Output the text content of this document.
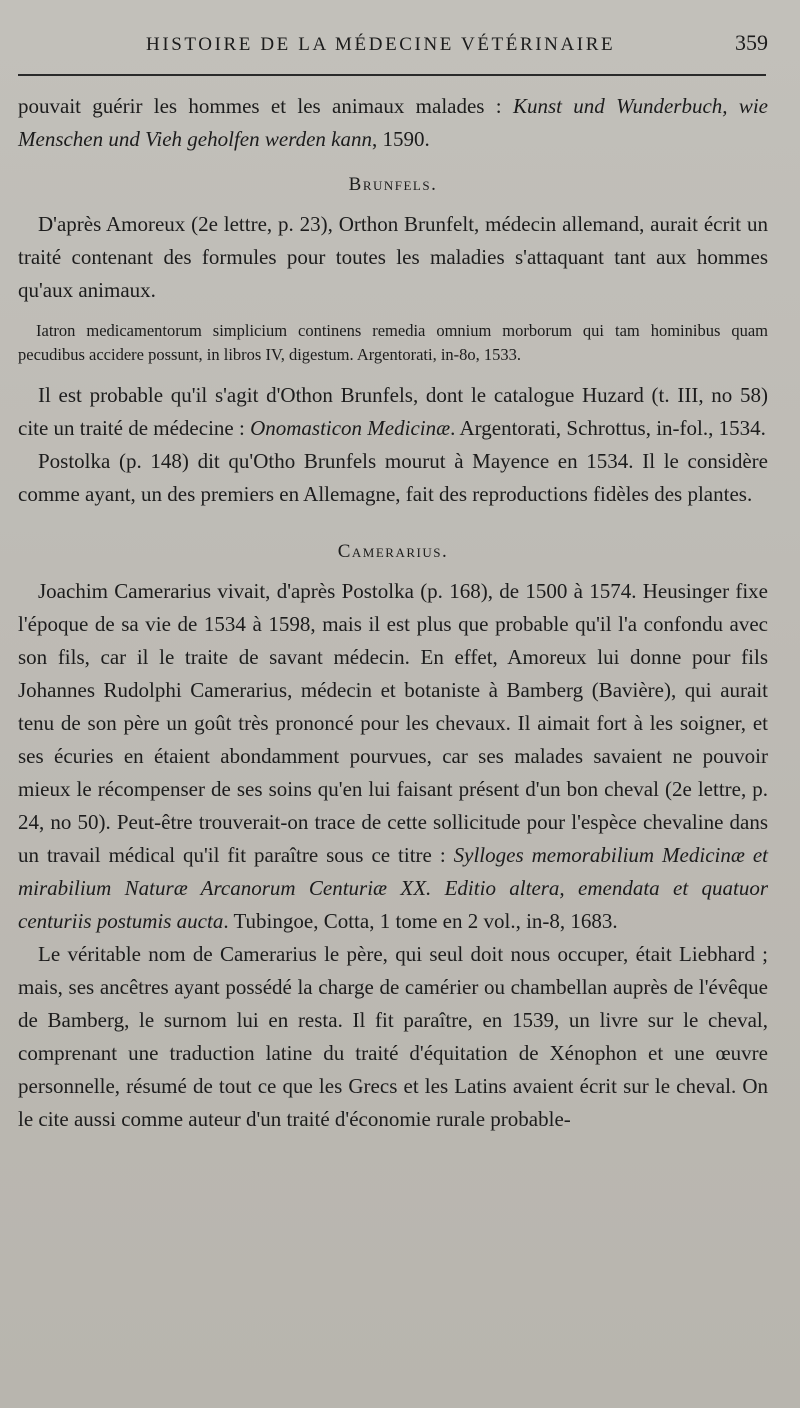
HISTOIRE DE LA MÉDECINE VÉTÉRINAIRE	359

pouvait guérir les hommes et les animaux malades : Kunst und Wunderbuch, wie Menschen und Vieh geholfen werden kann, 1590.

Brunfels.

D'après Amoreux (2e lettre, p. 23), Orthon Brunfelt, médecin allemand, aurait écrit un traité contenant des formules pour toutes les maladies s'attaquant tant aux hommes qu'aux animaux.

Iatron medicamentorum simplicium continens remedia omnium morborum qui tam hominibus quam pecudibus accidere possunt, in libros IV, digestum. Argentorati, in-8o, 1533.

Il est probable qu'il s'agit d'Othon Brunfels, dont le catalogue Huzard (t. III, no 58) cite un traité de médecine : Onomasticon Medicinæ. Argentorati, Schrottus, in-fol., 1534.

Postolka (p. 148) dit qu'Otho Brunfels mourut à Mayence en 1534. Il le considère comme ayant, un des premiers en Allemagne, fait des reproductions fidèles des plantes.

Camerarius.

Joachim Camerarius vivait, d'après Postolka (p. 168), de 1500 à 1574. Heusinger fixe l'époque de sa vie de 1534 à 1598, mais il est plus que probable qu'il l'a confondu avec son fils, car il le traite de savant médecin. En effet, Amoreux lui donne pour fils Johannes Rudolphi Camerarius, médecin et botaniste à Bamberg (Bavière), qui aurait tenu de son père un goût très prononcé pour les chevaux. Il aimait fort à les soigner, et ses écuries en étaient abondamment pourvues, car ses malades savaient ne pouvoir mieux le récompenser de ses soins qu'en lui faisant présent d'un bon cheval (2e lettre, p. 24, no 50). Peut-être trouverait-on trace de cette sollicitude pour l'espèce chevaline dans un travail médical qu'il fit paraître sous ce titre : Sylloges memorabilium Medicinæ et mirabilium Naturæ Arcanorum Centuriæ XX. Editio altera, emendata et quatuor centuriis postumis aucta. Tubingoe, Cotta, 1 tome en 2 vol., in-8, 1683.

Le véritable nom de Camerarius le père, qui seul doit nous occuper, était Liebhard ; mais, ses ancêtres ayant possédé la charge de camérier ou chambellan auprès de l'évêque de Bamberg, le surnom lui en resta. Il fit paraître, en 1539, un livre sur le cheval, comprenant une traduction latine du traité d'équitation de Xénophon et une œuvre personnelle, résumé de tout ce que les Grecs et les Latins avaient écrit sur le cheval. On le cite aussi comme auteur d'un traité d'économie rurale probable-
